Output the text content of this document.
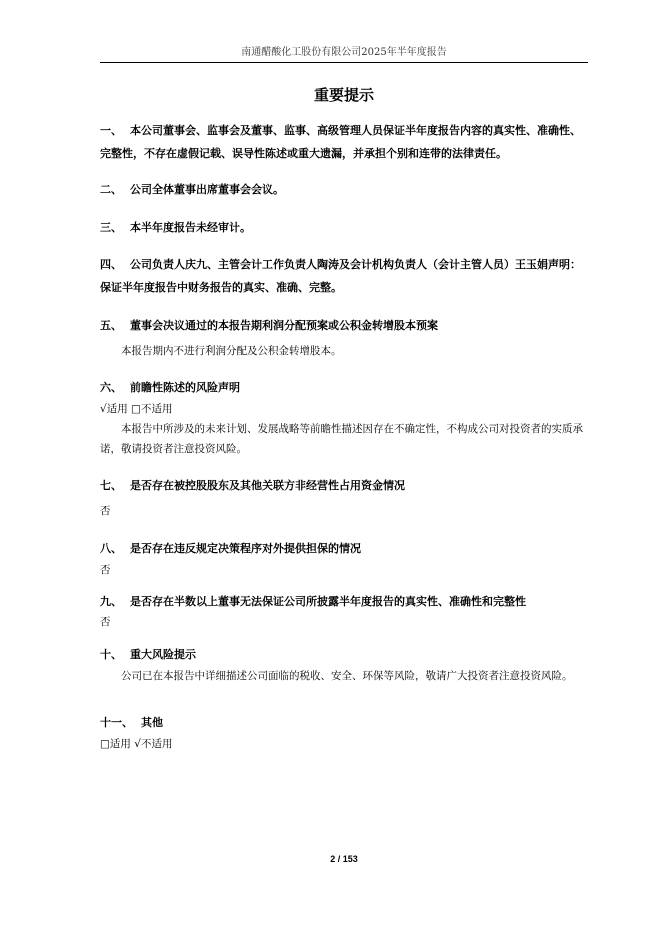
南通醋酸化工股份有限公司2025年半年度报告
重要提示
一、 本公司董事会、监事会及董事、监事、高级管理人员保证半年度报告内容的真实性、准确性、完整性，不存在虚假记载、误导性陈述或重大遗漏，并承担个别和连带的法律责任。
二、 公司全体董事出席董事会会议。
三、 本半年度报告未经审计。
四、 公司负责人庆九、主管会计工作负责人陶涛及会计机构负责人（会计主管人员）王玉娟声明：保证半年度报告中财务报告的真实、准确、完整。
五、 董事会决议通过的本报告期利润分配预案或公积金转增股本预案
本报告期内不进行利润分配及公积金转增股本。
六、 前瞻性陈述的风险声明
√适用 □不适用
本报告中所涉及的未来计划、发展战略等前瞻性描述因存在不确定性，不构成公司对投资者的实质承诺，敬请投资者注意投资风险。
七、 是否存在被控股股东及其他关联方非经营性占用资金情况
否
八、 是否存在违反规定决策程序对外提供担保的情况
否
九、 是否存在半数以上董事无法保证公司所披露半年度报告的真实性、准确性和完整性
否
十、 重大风险提示
公司已在本报告中详细描述公司面临的税收、安全、环保等风险，敬请广大投资者注意投资风险。
十一、 其他
□适用 √不适用
2 / 153
